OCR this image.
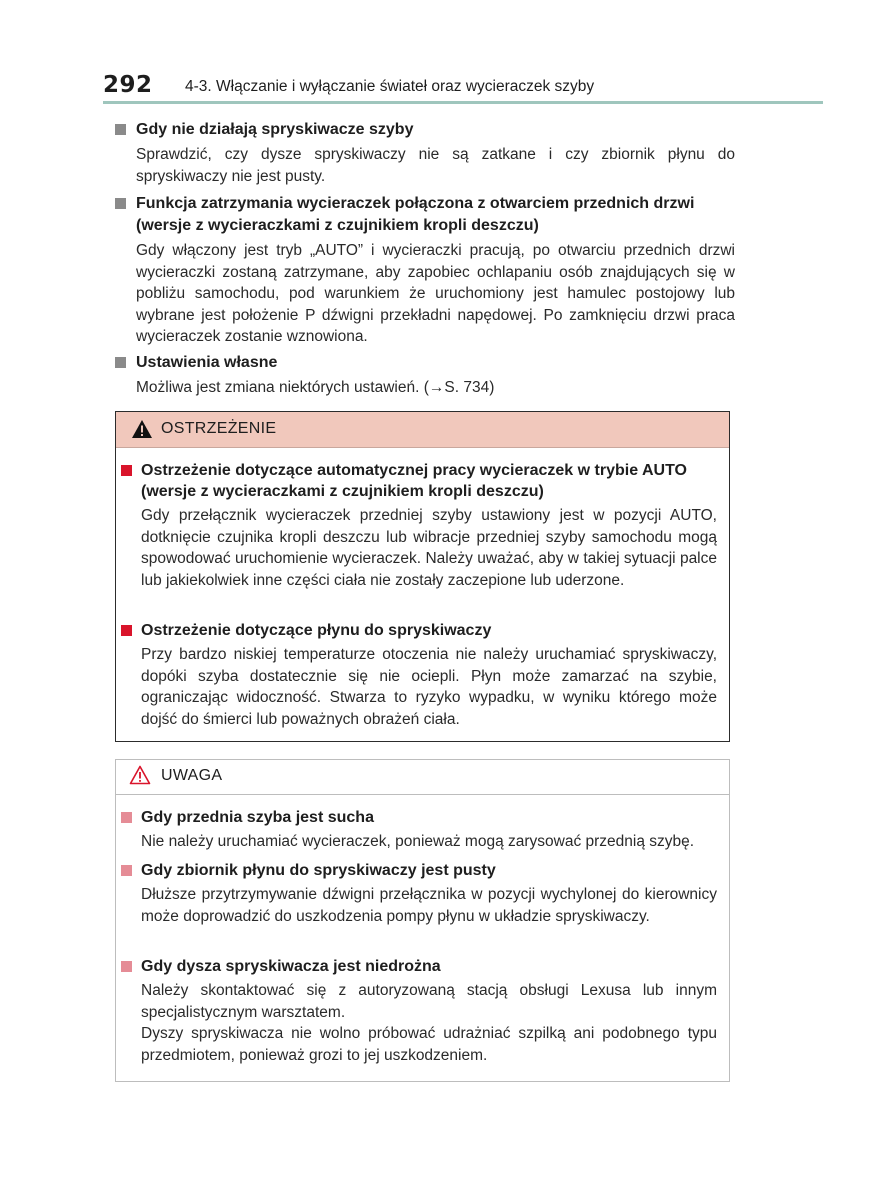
292 4-3. Włączanie i wyłączanie świateł oraz wycieraczek szyby
Gdy nie działają spryskiwacze szyby
Sprawdzić, czy dysze spryskiwaczy nie są zatkane i czy zbiornik płynu do spryskiwaczy nie jest pusty.
Funkcja zatrzymania wycieraczek połączona z otwarciem przednich drzwi (wersje z wycieraczkami z czujnikiem kropli deszczu)
Gdy włączony jest tryb „AUTO” i wycieraczki pracują, po otwarciu przednich drzwi wycieraczki zostaną zatrzymane, aby zapobiec ochlapaniu osób znajdujących się w pobliżu samochodu, pod warunkiem że uruchomiony jest hamulec postojowy lub wybrane jest położenie P dźwigni przekładni napędowej. Po zamknięciu drzwi praca wycieraczek zostanie wznowiona.
Ustawienia własne
Możliwa jest zmiana niektórych ustawień. (→S. 734)
OSTRZEŻENIE
Ostrzeżenie dotyczące automatycznej pracy wycieraczek w trybie AUTO (wersje z wycieraczkami z czujnikiem kropli deszczu)
Gdy przełącznik wycieraczek przedniej szyby ustawiony jest w pozycji AUTO, dotknięcie czujnika kropli deszczu lub wibracje przedniej szyby samochodu mogą spowodować uruchomienie wycieraczek. Należy uważać, aby w takiej sytuacji palce lub jakiekolwiek inne części ciała nie zostały zaczepione lub uderzone.
Ostrzeżenie dotyczące płynu do spryskiwaczy
Przy bardzo niskiej temperaturze otoczenia nie należy uruchamiać spryskiwaczy, dopóki szyba dostatecznie się nie ociepli. Płyn może zamarzać na szybie, ograniczając widoczność. Stwarza to ryzyko wypadku, w wyniku którego może dojść do śmierci lub poważnych obrażeń ciała.
UWAGA
Gdy przednia szyba jest sucha
Nie należy uruchamiać wycieraczek, ponieważ mogą zarysować przednią szybę.
Gdy zbiornik płynu do spryskiwaczy jest pusty
Dłuższe przytrzymywanie dźwigni przełącznika w pozycji wychylonej do kierownicy może doprowadzić do uszkodzenia pompy płynu w układzie spryskiwaczy.
Gdy dysza spryskiwacza jest niedrożna
Należy skontaktować się z autoryzowaną stacją obsługi Lexusa lub innym specjalistycznym warsztatem.
Dyszy spryskiwacza nie wolno próbować udrażniać szpilką ani podobnego typu przedmiotem, ponieważ grozi to jej uszkodzeniem.
